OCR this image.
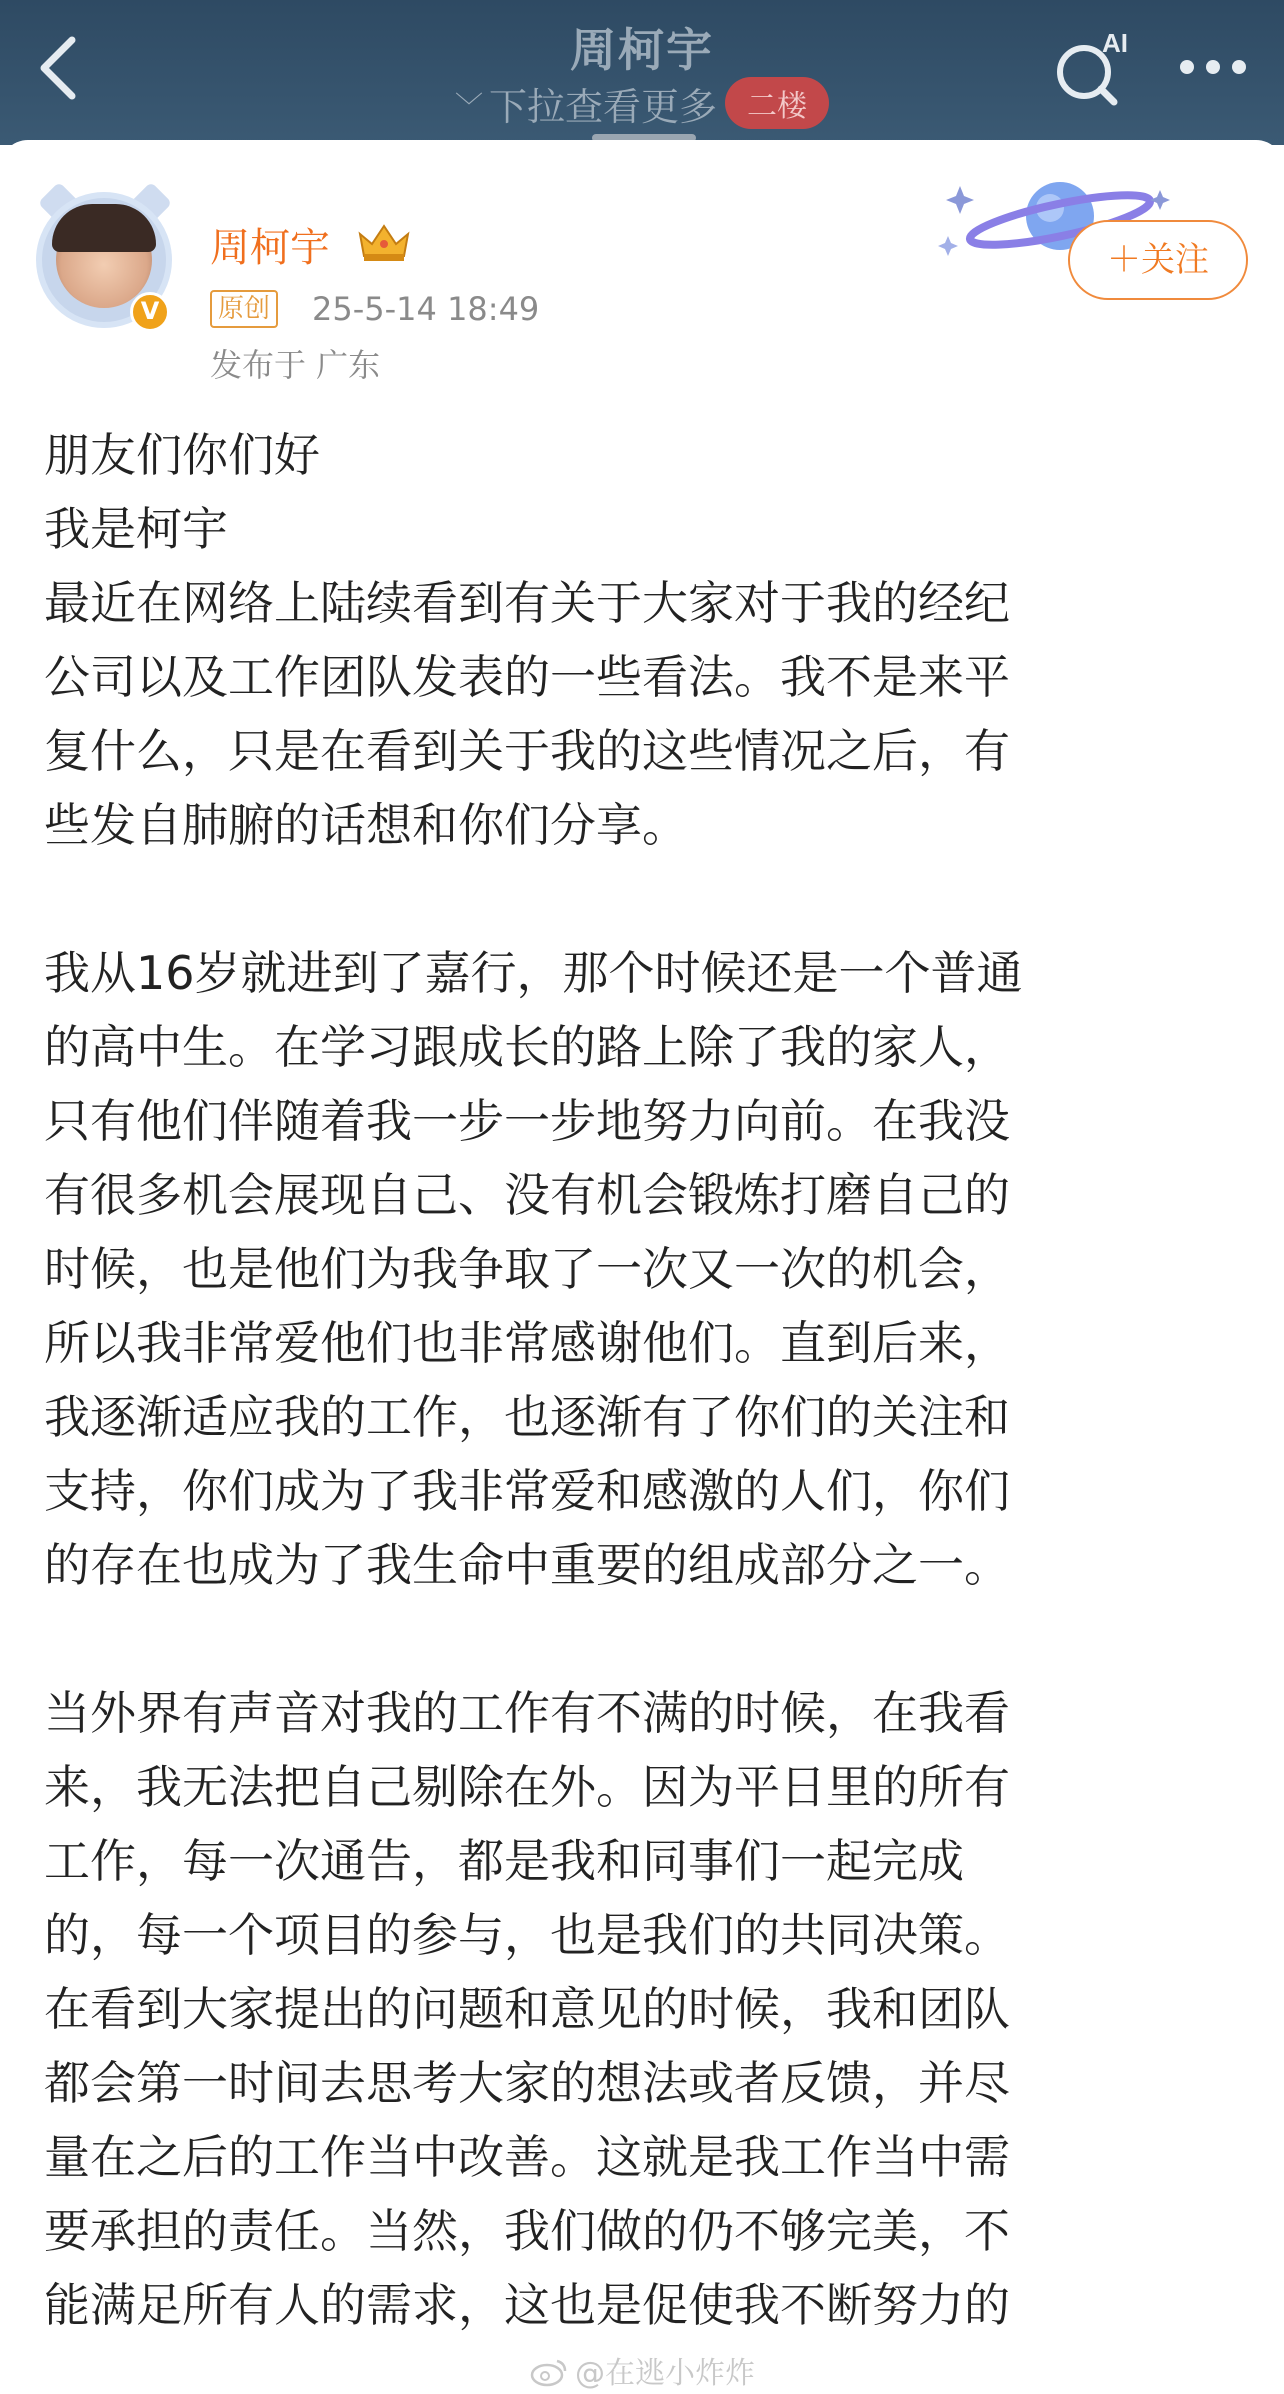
周柯宇
﹀ 下拉查看更多 二楼
AI
V
周柯宇
原创 25-5-14 18:49
发布于 广东
＋关注
朋友们你们好
我是柯宇
最近在网络上陆续看到有关于大家对于我的经纪
公司以及工作团队发表的一些看法。我不是来平
复什么，只是在看到关于我的这些情况之后，有
些发自肺腑的话想和你们分享。

我从16岁就进到了嘉行，那个时候还是一个普通
的高中生。在学习跟成长的路上除了我的家人，
只有他们伴随着我一步一步地努力向前。在我没
有很多机会展现自己、没有机会锻炼打磨自己的
时候，也是他们为我争取了一次又一次的机会，
所以我非常爱他们也非常感谢他们。直到后来，
我逐渐适应我的工作，也逐渐有了你们的关注和
支持，你们成为了我非常爱和感激的人们，你们
的存在也成为了我生命中重要的组成部分之一。

当外界有声音对我的工作有不满的时候，在我看
来，我无法把自己剔除在外。因为平日里的所有
工作，每一次通告，都是我和同事们一起完成
的，每一个项目的参与，也是我们的共同决策。
在看到大家提出的问题和意见的时候，我和团队
都会第一时间去思考大家的想法或者反馈，并尽
量在之后的工作当中改善。这就是我工作当中需
要承担的责任。当然，我们做的仍不够完美，不
能满足所有人的需求，这也是促使我不断努力的
@在逃小炸炸
